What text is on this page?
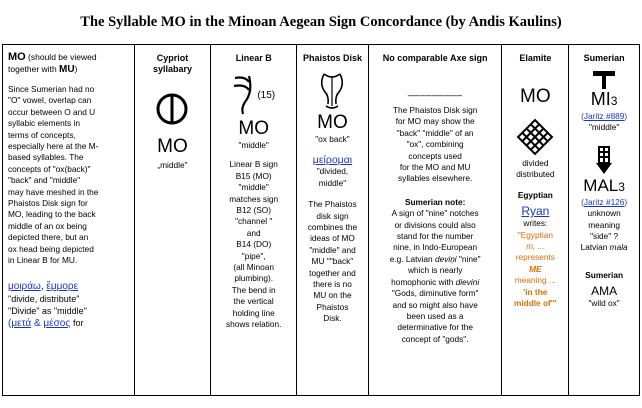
The Syllable MO in the Minoan Aegean Sign Concordance (by Andis Kaulins)
MO (should be viewed
together with MU)
Since Sumerian had no
"O" vowel, overlap can
occur between O and U
syllabic elements in
terms of concepts,
especially here at the M-
based syllables. The
concepts of "ox(back)"
"back" and "middle"
may have meshed in the
Phaistos Disk sign for
MO, leading to the back
middle of an ox being
depicted there, but an
ox head being depicted
in Linear B for MU.
μοιράω, ἔμμορε
"divide, distribute"
"Divide" as "middle"
(μετά & μέσος for
Cypriot
syllabary
MO
„middle"
Linear B
(15)
MO
"middle"
Linear B sign
B15 (MO)
"middle"
matches sign
B12 (SO)
"channel "
and
B14 (DO)
"pipe",
(all Minoan
plumbing).
The bend in
the vertical
holding line
shows relation.
Phaistos Disk
MO
"ox back"
μείρομαι
"divided,
middle"
The Phaistos
disk sign
combines the
ideas of MO
"middle" and
MU ""back"
together and
there is no
MU on the
Phaistos
Disk.
No comparable Axe sign
_________
The Phaistos Disk sign
for MO may show the
"back" "middle" of an
"ox", combining
concepts used
for the MO and MU
syllables elsewhere.
Sumerian note:
A sign of "nine" notches
or divisions could also
stand for the number
nine, in Indo-European
e.g. Latvian deviņi "nine"
which is nearly
homophonic with dievini
"Gods, diminutive form"
and so might also have
been used as a
determinative for the
concept of "gods".
Elamite
MO
divided
distributed
Egyptian
Ryan
writes:
"Egyptian
m, ...
represents
ME
meaning ...
'in the
middle of'"
Sumerian
MI3
(Jaritz #889)
"middle"
MAL3
(Jaritz #126)
unknown
meaning
"side" ?
Latvian mala
Sumerian
AMA
"wild ox"
